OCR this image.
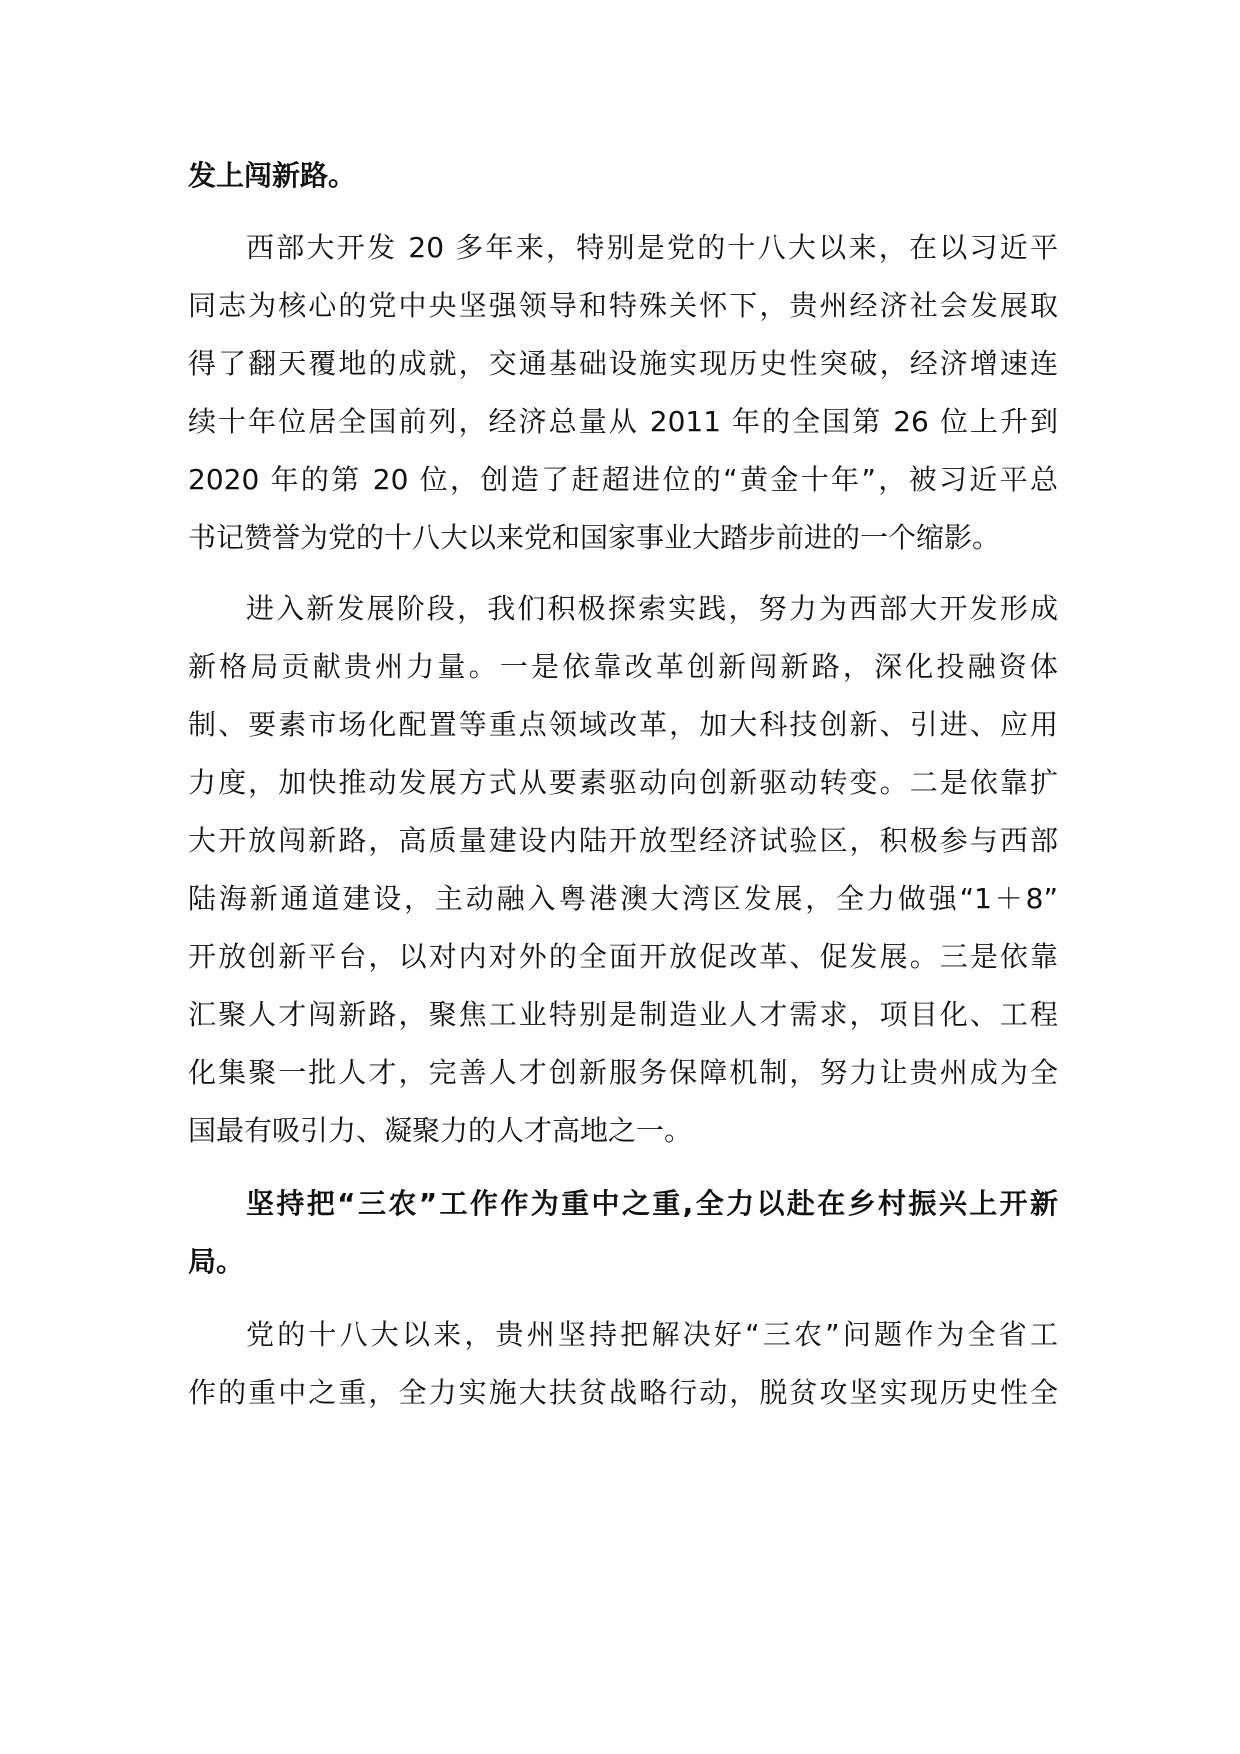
发上闯新路。
西部大开发 20 多年来，特别是党的十八大以来，在以习近平
同志为核心的党中央坚强领导和特殊关怀下，贵州经济社会发展取
得了翻天覆地的成就，交通基础设施实现历史性突破，经济增速连
续十年位居全国前列，经济总量从 2011 年的全国第 26 位上升到
2020 年的第 20 位，创造了赶超进位的“黄金十年”，被习近平总
书记赞誉为党的十八大以来党和国家事业大踏步前进的一个缩影。
进入新发展阶段，我们积极探索实践，努力为西部大开发形成
新格局贡献贵州力量。一是依靠改革创新闯新路，深化投融资体
制、要素市场化配置等重点领域改革，加大科技创新、引进、应用
力度，加快推动发展方式从要素驱动向创新驱动转变。二是依靠扩
大开放闯新路，高质量建设内陆开放型经济试验区，积极参与西部
陆海新通道建设，主动融入粤港澳大湾区发展，全力做强“1＋8”
开放创新平台，以对内对外的全面开放促改革、促发展。三是依靠
汇聚人才闯新路，聚焦工业特别是制造业人才需求，项目化、工程
化集聚一批人才，完善人才创新服务保障机制，努力让贵州成为全
国最有吸引力、凝聚力的人才高地之一。
坚持把“三农”工作作为重中之重,全力以赴在乡村振兴上开新
局。
党的十八大以来，贵州坚持把解决好“三农”问题作为全省工
作的重中之重，全力实施大扶贫战略行动，脱贫攻坚实现历史性全
